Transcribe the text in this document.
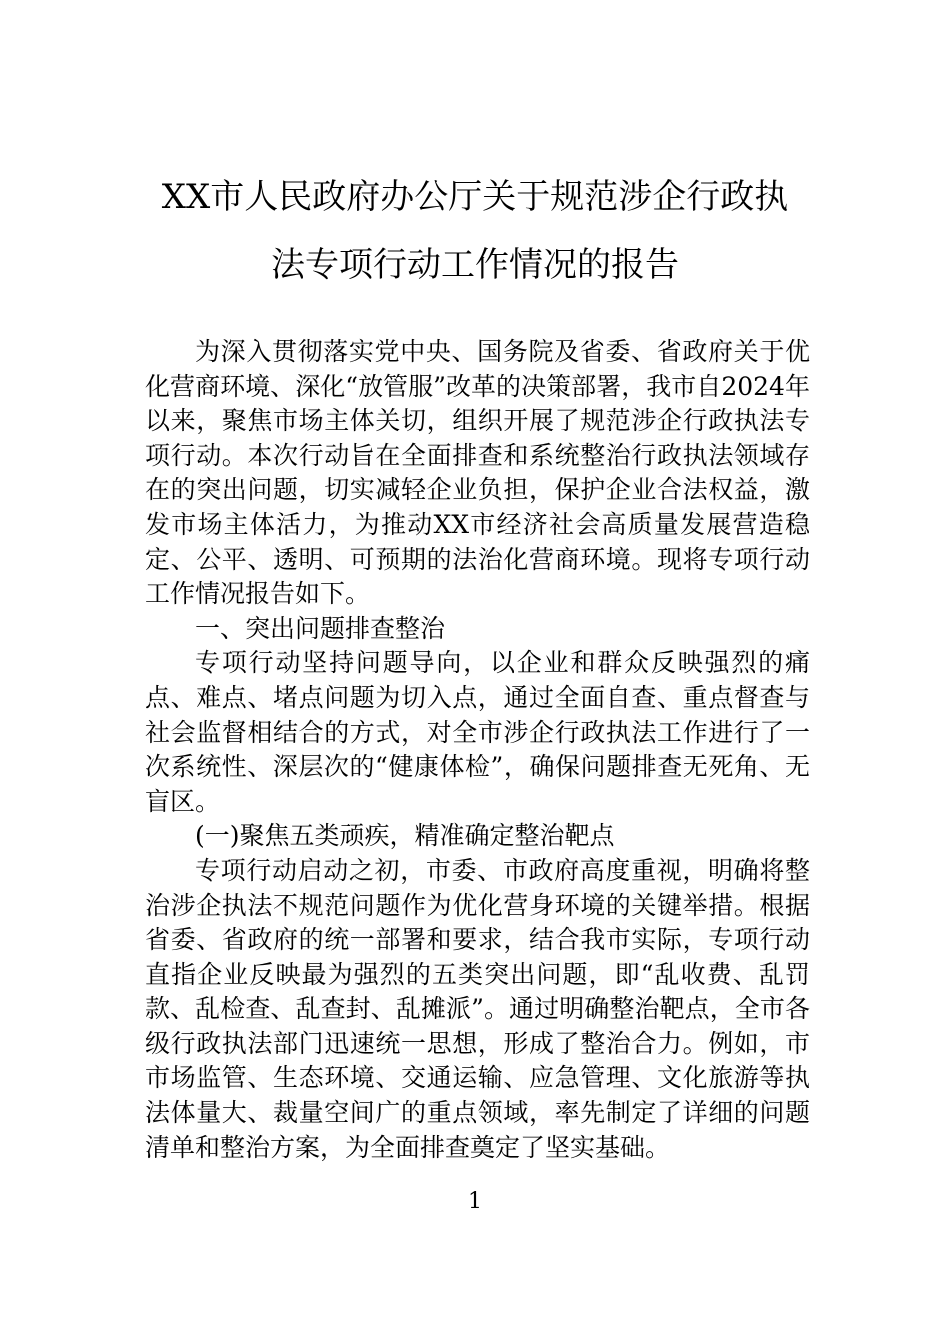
XX市人民政府办公厅关于规范涉企行政执
法专项行动工作情况的报告

为深入贯彻落实党中央、国务院及省委、省政府关于优化营商环境、深化“放管服”改革的决策部署，我市自2024年以来，聚焦市场主体关切，组织开展了规范涉企行政执法专项行动。本次行动旨在全面排查和系统整治行政执法领域存在的突出问题，切实减轻企业负担，保护企业合法权益，激发市场主体活力，为推动XX市经济社会高质量发展营造稳定、公平、透明、可预期的法治化营商环境。现将专项行动工作情况报告如下。

一、突出问题排查整治

专项行动坚持问题导向，以企业和群众反映强烈的痛点、难点、堵点问题为切入点，通过全面自查、重点督查与社会监督相结合的方式，对全市涉企行政执法工作进行了一次系统性、深层次的“健康体检”，确保问题排查无死角、无盲区。

(一)聚焦五类顽疾，精准确定整治靶点

专项行动启动之初，市委、市政府高度重视，明确将整治涉企执法不规范问题作为优化营身环境的关键举措。根据省委、省政府的统一部署和要求，结合我市实际，专项行动直指企业反映最为强烈的五类突出问题，即“乱收费、乱罚款、乱检查、乱查封、乱摊派”。通过明确整治靶点，全市各级行政执法部门迅速统一思想，形成了整治合力。例如，市市场监管、生态环境、交通运输、应急管理、文化旅游等执法体量大、裁量空间广的重点领域，率先制定了详细的问题清单和整治方案，为全面排查奠定了坚实基础。

1
